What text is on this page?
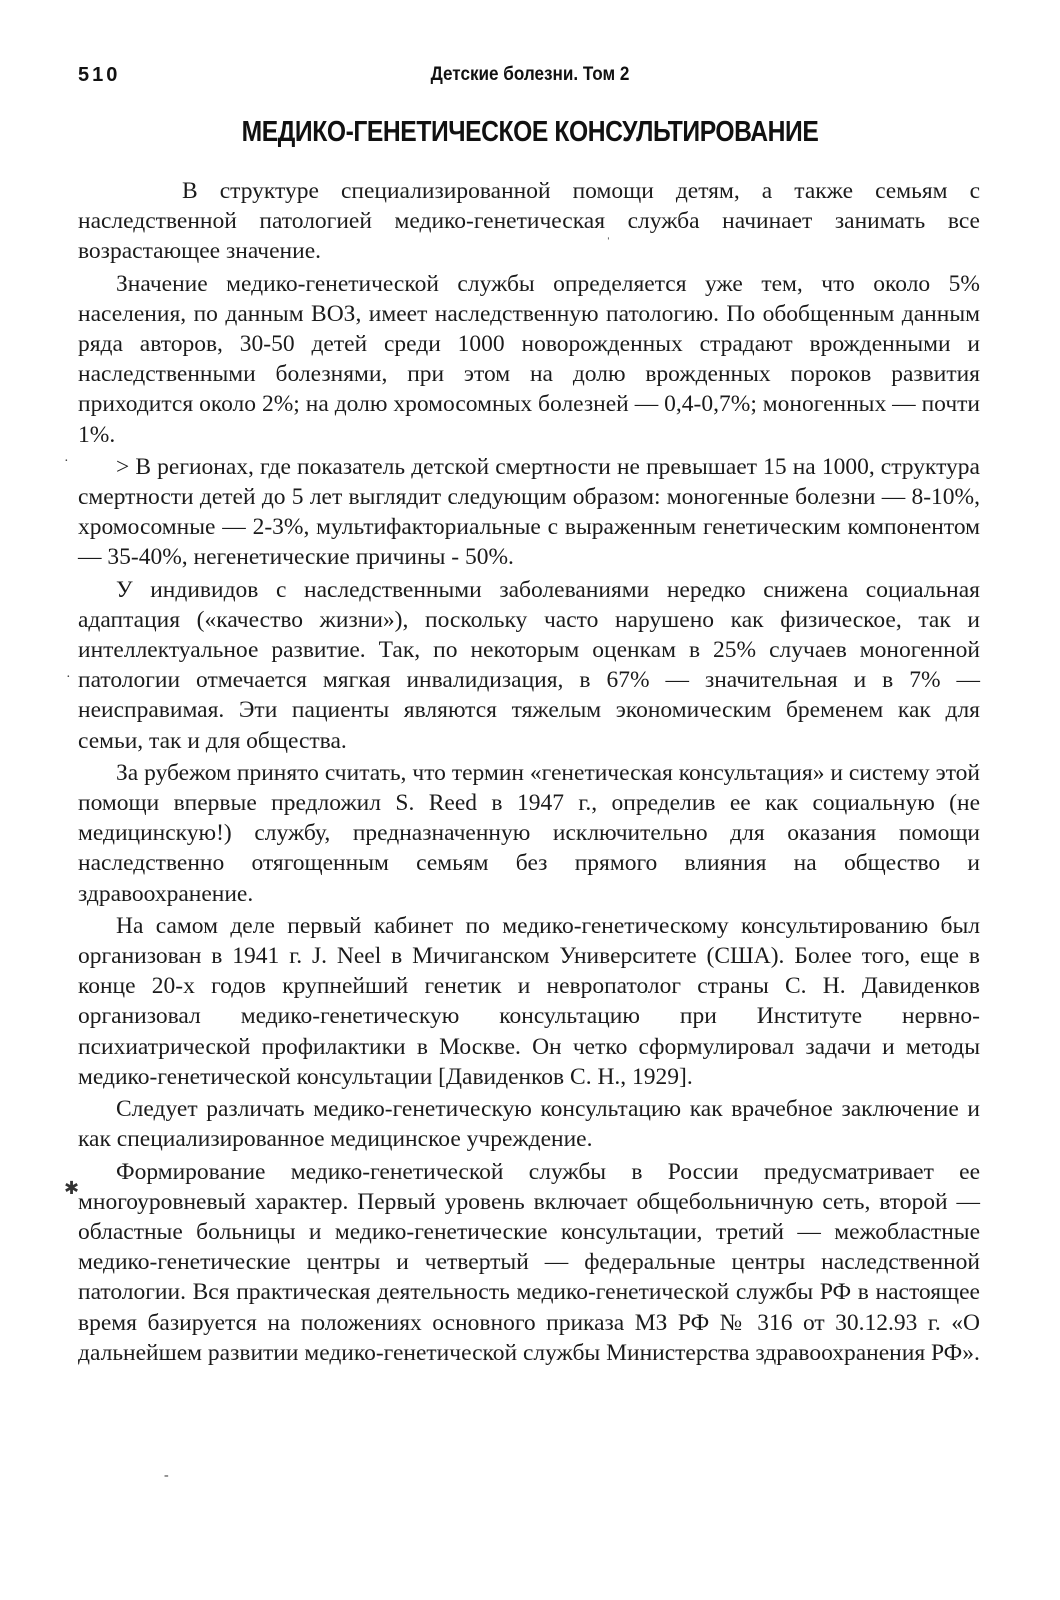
510	Детские болезни. Том 2
МЕДИКО-ГЕНЕТИЧЕСКОЕ КОНСУЛЬТИРОВАНИЕ

В структуре специализированной помощи детям, а также семьям с наследственной патологией медико-генетическая служба начинает занимать все возрастающее значение.

Значение медико-генетической службы определяется уже тем, что около 5% населения, по данным ВОЗ, имеет наследственную патологию. По обобщенным данным ряда авторов, 30-50 детей среди 1000 новорожденных страдают врожденными и наследственными болезнями, при этом на долю врожденных пороков развития приходится около 2%; на долю хромосомных болезней — 0,4-0,7%; моногенных — почти 1%.

> В регионах, где показатель детской смертности не превышает 15 на 1000, структура смертности детей до 5 лет выглядит следующим образом: моногенные болезни — 8-10%, хромосомные — 2-3%, мультифакториальные с выраженным генетическим компонентом — 35-40%, негенетические причины - 50%.

У индивидов с наследственными заболеваниями нередко снижена социальная адаптация («качество жизни»), поскольку часто нарушено как физическое, так и интеллектуальное развитие. Так, по некоторым оценкам в 25% случаев моногенной патологии отмечается мягкая инвалидизация, в 67% — значительная и в 7% — неисправимая. Эти пациенты являются тяжелым экономическим бременем как для семьи, так и для общества.

За рубежом принято считать, что термин «генетическая консультация» и систему этой помощи впервые предложил S. Reed в 1947 г., определив ее как социальную (не медицинскую!) службу, предназначенную исключительно для оказания помощи наследственно отягощенным семьям без прямого влияния на общество и здравоохранение.

На самом деле первый кабинет по медико-генетическому консультированию был организован в 1941 г. J. Neel в Мичиганском Университете (США). Более того, еще в конце 20-х годов крупнейший генетик и невропатолог страны С. Н. Давиденков организовал медико-генетическую консультацию при Институте нервно-психиатрической профилактики в Москве. Он четко сформулировал задачи и методы медико-генетической консультации [Давиденков С. Н., 1929].

Следует различать медико-генетическую консультацию как врачебное заключение и как специализированное медицинское учреждение.

Формирование медико-генетической службы в России предусматривает ее многоуровневый характер. Первый уровень включает общебольничную сеть, второй — областные больницы и медико-генетические консультации, третий — межобластные медико-генетические центры и четвертый — федеральные центры наследственной патологии. Вся практическая деятельность медико-генетической службы РФ в настоящее время базируется на положениях основного приказа МЗ РФ № 316 от 30.12.93 г. «О дальнейшем развитии медико-генетической службы Министерства здравоохранения РФ».

ˈ
·
·
✱
-
